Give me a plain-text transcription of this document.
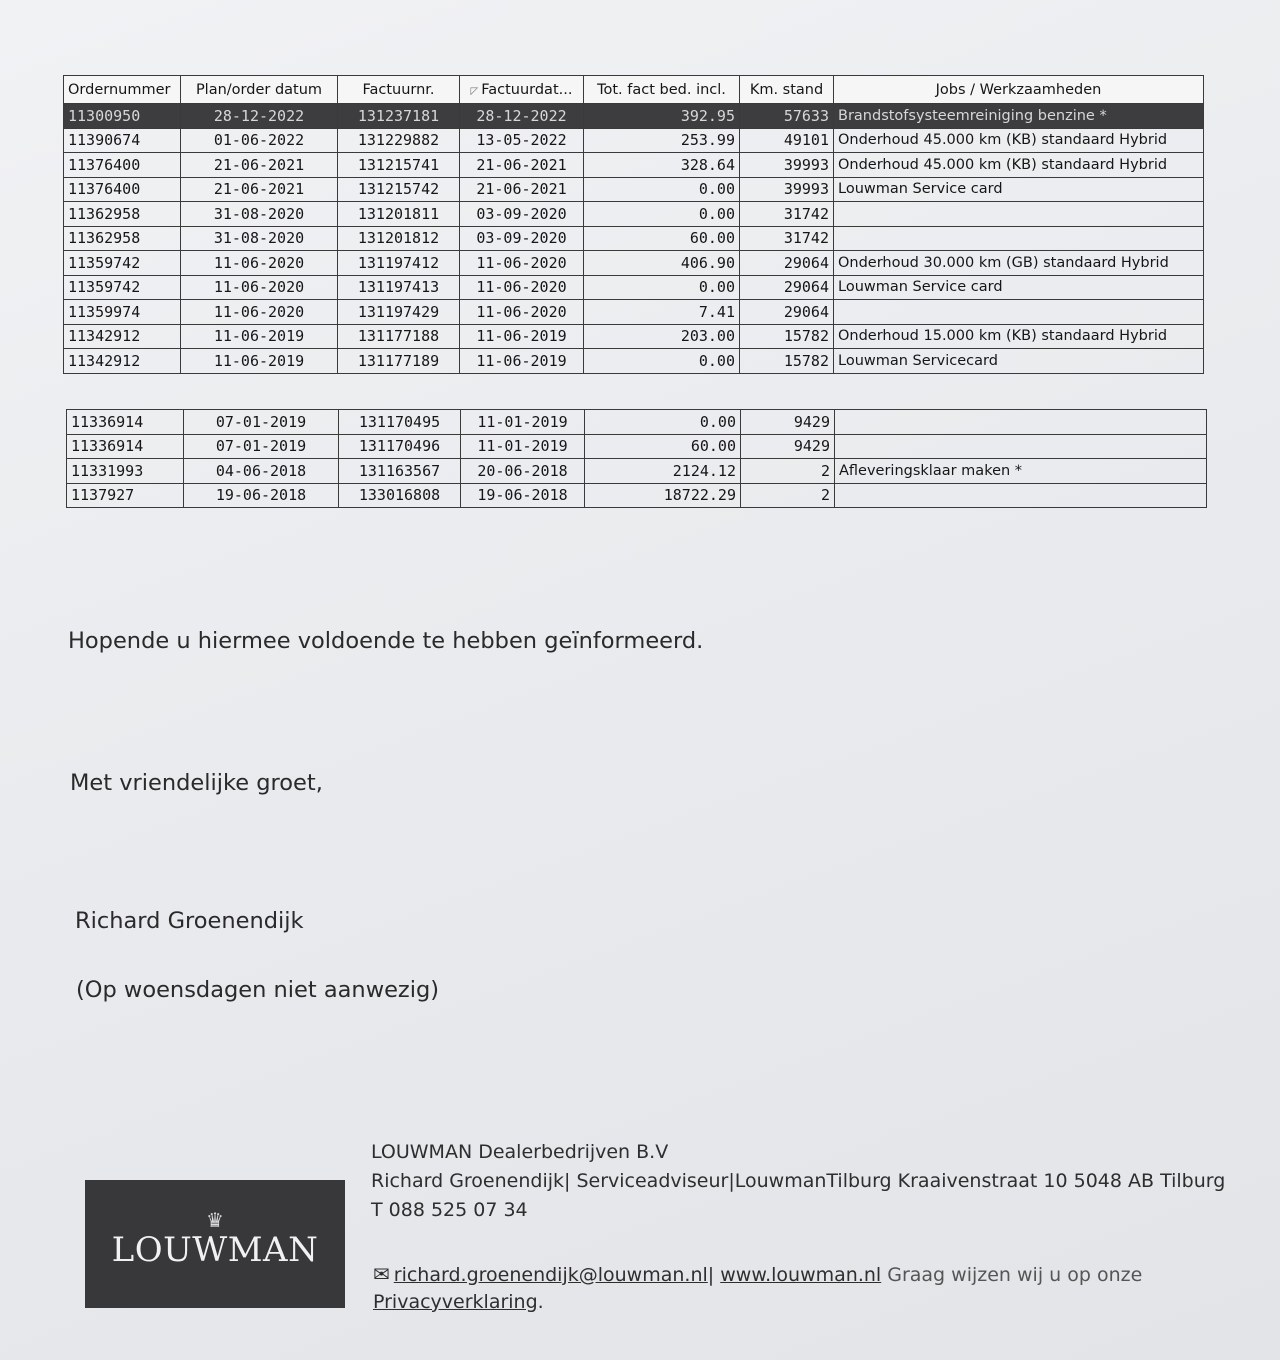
Ordernummer	Plan/order datum	Factuurnr.	◸ Factuurdat...	Tot. fact bed. incl.	Km. stand	Jobs / Werkzaamheden
11300950	28-12-2022	131237181	28-12-2022	392.95	57633	Brandstofsysteemreiniging benzine *
11390674	01-06-2022	131229882	13-05-2022	253.99	49101	Onderhoud 45.000 km (KB) standaard Hybrid
11376400	21-06-2021	131215741	21-06-2021	328.64	39993	Onderhoud 45.000 km (KB) standaard Hybrid
11376400	21-06-2021	131215742	21-06-2021	0.00	39993	Louwman Service card
11362958	31-08-2020	131201811	03-09-2020	0.00	31742	
11362958	31-08-2020	131201812	03-09-2020	60.00	31742	
11359742	11-06-2020	131197412	11-06-2020	406.90	29064	Onderhoud 30.000 km (GB) standaard Hybrid
11359742	11-06-2020	131197413	11-06-2020	0.00	29064	Louwman Service card
11359974	11-06-2020	131197429	11-06-2020	7.41	29064	
11342912	11-06-2019	131177188	11-06-2019	203.00	15782	Onderhoud 15.000 km (KB) standaard Hybrid
11342912	11-06-2019	131177189	11-06-2019	0.00	15782	Louwman Servicecard
11336914	07-01-2019	131170495	11-01-2019	0.00	9429	
11336914	07-01-2019	131170496	11-01-2019	60.00	9429	
11331993	04-06-2018	131163567	20-06-2018	2124.12	2	Afleveringsklaar maken *
1137927	19-06-2018	133016808	19-06-2018	18722.29	2	
Hopende u hiermee voldoende te hebben geïnformeerd.
Met vriendelijke groet,
Richard Groenendijk
(Op woensdagen niet aanwezig)
♛
LOUWMAN
LOUWMAN Dealerbedrijven B.V
Richard Groenendijk| Serviceadviseur|LouwmanTilburg Kraaivenstraat 10 5048 AB Tilburg
T 088 525 07 34
✉ richard.groenendijk@louwman.nl| www.louwman.nl Graag wijzen wij u op onze
Privacyverklaring.
